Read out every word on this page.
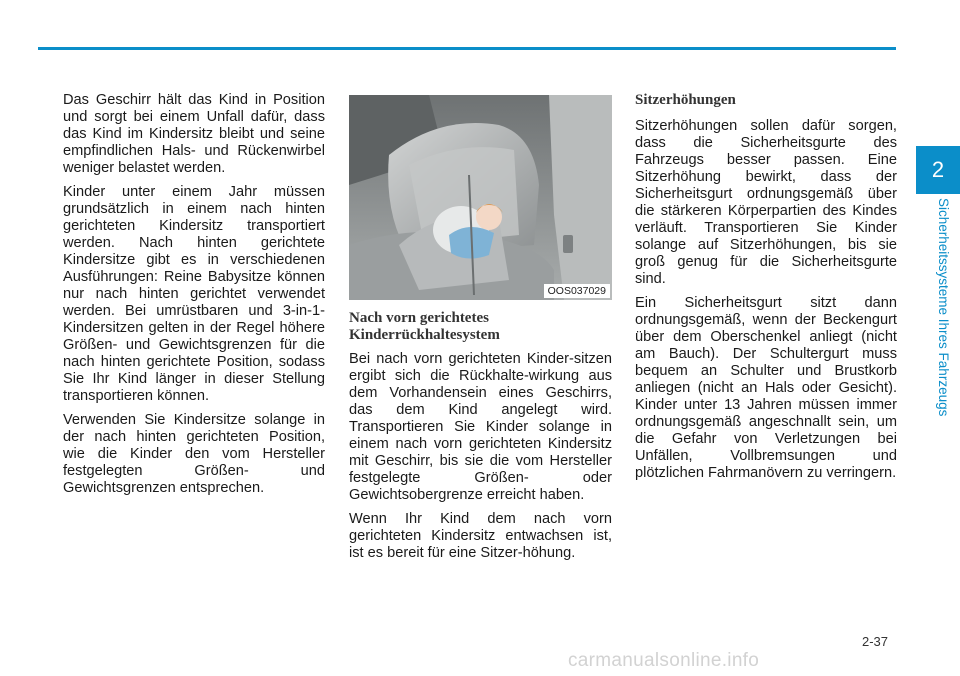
Das Geschirr hält das Kind in Position und sorgt bei einem Unfall dafür, dass das Kind im Kindersitz bleibt und seine empfindlichen Hals- und Rückenwirbel weniger belastet werden.

Kinder unter einem Jahr müssen grundsätzlich in einem nach hinten gerichteten Kindersitz transportiert werden. Nach hinten gerichtete Kindersitze gibt es in verschiedenen Ausführungen: Reine Babysitze können nur nach hinten gerichtet verwendet werden. Bei umrüstbaren und 3-in-1-Kindersitzen gelten in der Regel höhere Größen- und Gewichtsgrenzen für die nach hinten gerichtete Position, sodass Sie Ihr Kind länger in dieser Stellung transportieren können.

Verwenden Sie Kindersitze solange in der nach hinten gerichteten Position, wie die Kinder den vom Hersteller festgelegten Größen- und Gewichtsgrenzen entsprechen.

OOS037029
Nach vorn gerichtetes
Kinderrückhaltesystem

Bei nach vorn gerichteten Kinder-sitzen ergibt sich die Rückhalte-wirkung aus dem Vorhandensein eines Geschirrs, das dem Kind angelegt wird. Transportieren Sie Kinder solange in einem nach vorn gerichteten Kindersitz mit Geschirr, bis sie die vom Hersteller festgelegte Größen- oder Gewichtsobergrenze erreicht haben.

Wenn Ihr Kind dem nach vorn gerichteten Kindersitz entwachsen ist, ist es bereit für eine Sitzer-höhung.

Sitzerhöhungen

Sitzerhöhungen sollen dafür sorgen, dass die Sicherheitsgurte des Fahrzeugs besser passen. Eine Sitzerhöhung bewirkt, dass der Sicherheitsgurt ordnungsgemäß über die stärkeren Körperpartien des Kindes verläuft. Transportieren Sie Kinder solange auf Sitzerhöhungen, bis sie groß genug für die Sicherheitsgurte sind.

Ein Sicherheitsgurt sitzt dann ordnungsgemäß, wenn der Beckengurt über dem Oberschenkel anliegt (nicht am Bauch). Der Schultergurt muss bequem an Schulter und Brustkorb anliegen (nicht an Hals oder Gesicht). Kinder unter 13 Jahren müssen immer ordnungsgemäß angeschnallt sein, um die Gefahr von Verletzungen bei Unfällen, Vollbremsungen und plötzlichen Fahrmanövern zu verringern.

2
Sicherheitssysteme Ihres Fahrzeugs
2-37
carmanualsonline.info
